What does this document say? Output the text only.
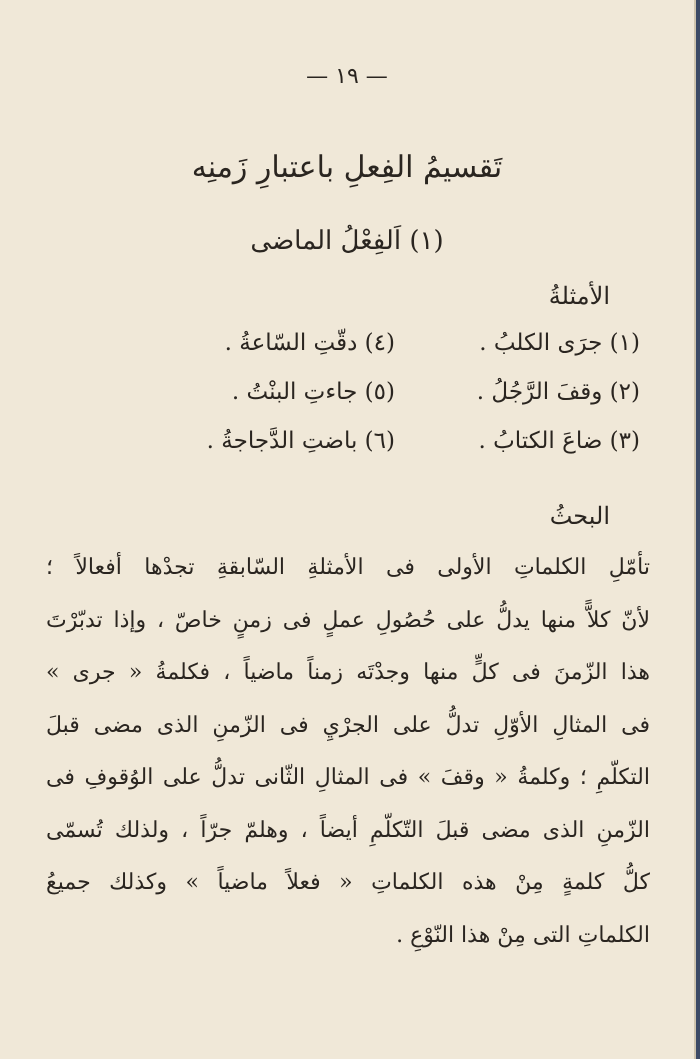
— ١٩ —
تَقسيمُ الفِعلِ باعتبارِ زَمنِه
(١) اَلفِعْلُ الماضى
الأمثلةُ
(١) جرَى الكلبُ .
(٤) دقّتِ السّاعةُ .
(٢) وقفَ الرَّجُلُ .
(٥) جاءتِ البنْتُ .
(٣) ضاعَ الكتابُ .
(٦) باضتِ الدَّجاجةُ .
البحثُ
تأمّلِ الكلماتِ الأولى فى الأمثلةِ السّابقةِ تجدْها أفعالاً ؛
لأنّ كلاًّ منها يدلُّ على حُصُولِ عملٍ فى زمنٍ خاصّ ، وإذا تدبّرْتَ
هذا الزّمنَ فى كلٍّ منها وجدْتَه زمناً ماضياً ، فكلمةُ « جرى »
فى المثالِ الأوّلِ تدلُّ على الجرْيِ فى الزّمنِ الذى مضى قبلَ
التكلّمِ ؛ وكلمةُ « وقفَ » فى المثالِ الثّانى تدلُّ على الوُقوفِ فى
الزّمنِ الذى مضى قبلَ التّكلّمِ أيضاً ، وهلمّ جرّاً ، ولذلك تُسمّى
كلُّ كلمةٍ مِنْ هذه الكلماتِ « فعلاً ماضياً » وكذلك جميعُ
الكلماتِ التى مِنْ هذا النّوْعِ .
